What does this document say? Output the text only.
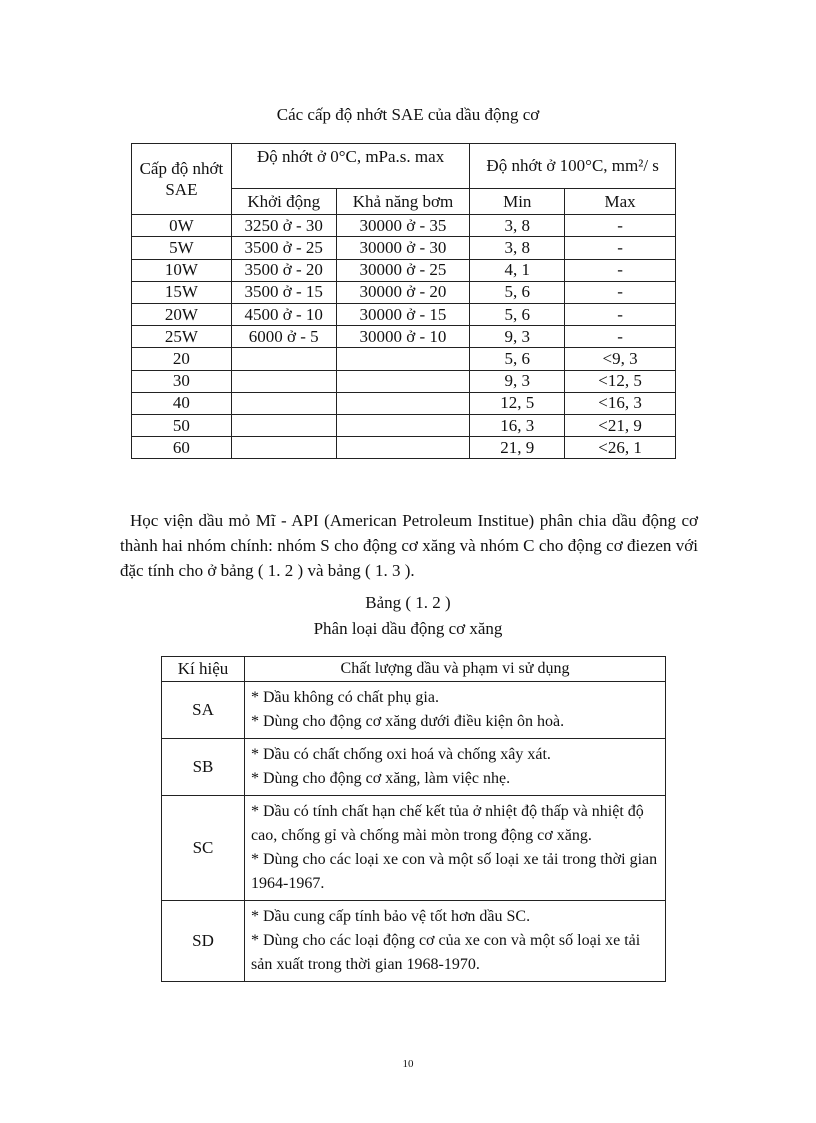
Các cấp độ nhớt SAE của dầu động cơ
Cấp độ nhớt SAE	Độ nhớt ở 0°C, mPa.s. max		Độ nhớt ở 100°C, mm²/ s	
	Khởi động	Khả năng bơm	Min	Max
0W	3250 ở - 30	30000 ở - 35	3, 8	-
5W	3500 ở - 25	30000 ở - 30	3, 8	-
10W	3500 ở - 20	30000 ở - 25	4, 1	-
15W	3500 ở - 15	30000 ở - 20	5, 6	-
20W	4500 ở - 10	30000 ở - 15	5, 6	-
25W	6000 ở - 5	30000 ở - 10	9, 3	-
20			5, 6	<9, 3
30			9, 3	<12, 5
40			12, 5	<16, 3
50			16, 3	<21, 9
60			21, 9	<26, 1
Học viện dầu mỏ Mĩ - API (American Petroleum Institue) phân chia dầu động cơ thành hai nhóm chính: nhóm S cho động cơ xăng và nhóm C cho động cơ điezen với đặc tính cho ở bảng ( 1. 2 ) và bảng ( 1. 3 ).
Bảng ( 1. 2 )
Phân loại dầu động cơ xăng
Kí hiệu	Chất lượng dầu và phạm vi sử dụng
SA	* Dầu không có chất phụ gia.
* Dùng cho động cơ xăng dưới điều kiện ôn hoà.

SB	* Dầu có chất chống oxi hoá và chống xây xát.
* Dùng cho động cơ xăng, làm việc nhẹ.

SC	* Dầu có tính chất hạn chế kết tủa ở nhiệt độ thấp và nhiệt độ cao, chống gỉ và chống mài mòn trong động cơ xăng.
* Dùng cho các loại xe con và một số loại xe tải trong thời gian 1964-1967.

SD	* Dầu cung cấp tính bảo vệ tốt hơn dầu SC.
* Dùng cho các loại động cơ của xe con và một số loại xe tải sản xuất trong thời gian 1968-1970.
10
